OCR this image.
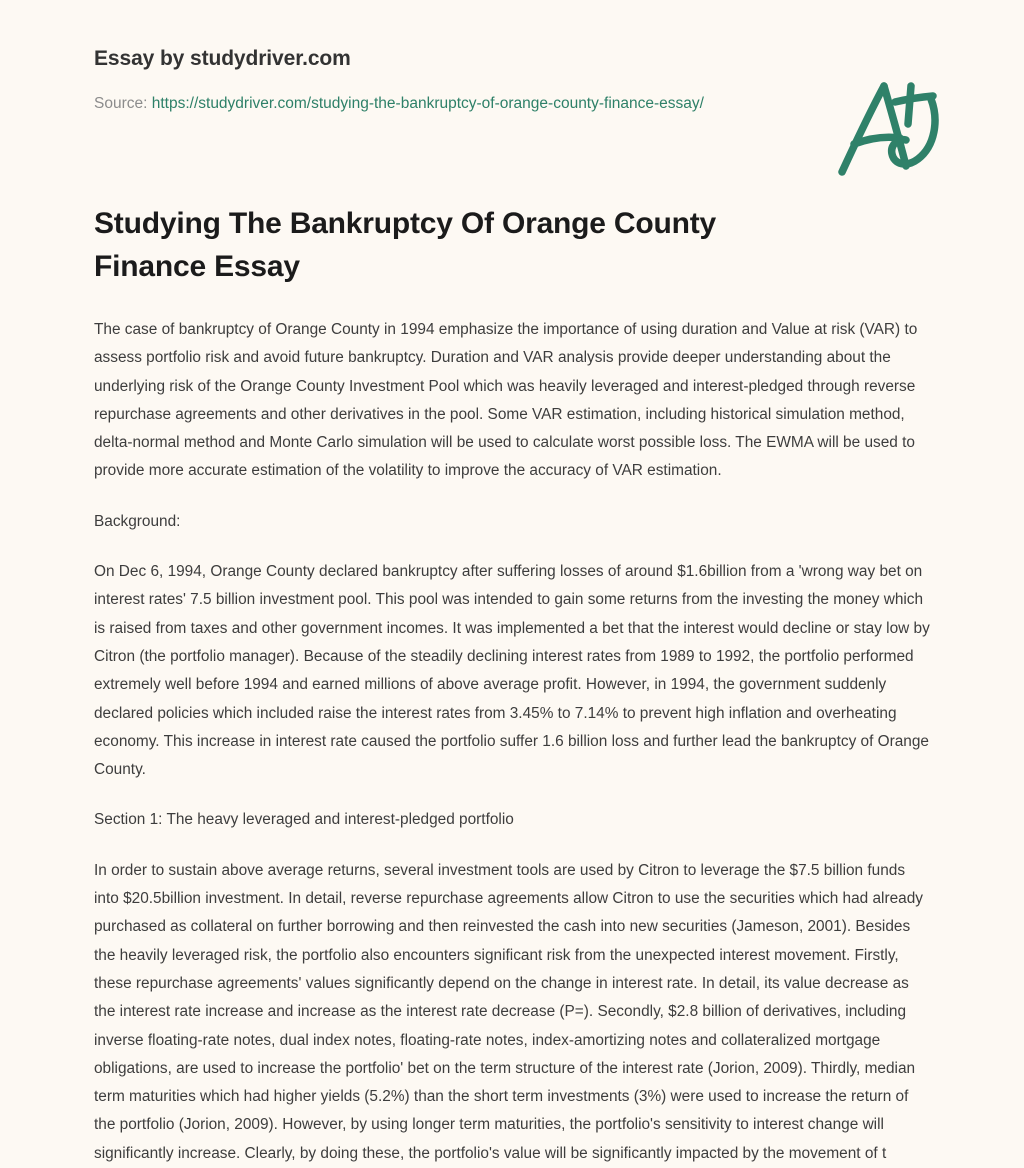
Essay by studydriver.com
Source: https://studydriver.com/studying-the-bankruptcy-of-orange-county-finance-essay/
Studying The Bankruptcy Of Orange County Finance Essay

The case of bankruptcy of Orange County in 1994 emphasize the importance of using duration and Value at risk (VAR) to assess portfolio risk and avoid future bankruptcy. Duration and VAR analysis provide deeper understanding about the underlying risk of the Orange County Investment Pool which was heavily leveraged and interest-pledged through reverse repurchase agreements and other derivatives in the pool. Some VAR estimation, including historical simulation method, delta-normal method and Monte Carlo simulation will be used to calculate worst possible loss. The EWMA will be used to provide more accurate estimation of the volatility to improve the accuracy of VAR estimation.

Background:

On Dec 6, 1994, Orange County declared bankruptcy after suffering losses of around $1.6billion from a 'wrong way bet on interest rates' 7.5 billion investment pool. This pool was intended to gain some returns from the investing the money which is raised from taxes and other government incomes. It was implemented a bet that the interest would decline or stay low by Citron (the portfolio manager). Because of the steadily declining interest rates from 1989 to 1992, the portfolio performed extremely well before 1994 and earned millions of above average profit. However, in 1994, the government suddenly declared policies which included raise the interest rates from 3.45% to 7.14% to prevent high inflation and overheating economy. This increase in interest rate caused the portfolio suffer 1.6 billion loss and further lead the bankruptcy of Orange County.

Section 1: The heavy leveraged and interest-pledged portfolio

In order to sustain above average returns, several investment tools are used by Citron to leverage the $7.5 billion funds into $20.5billion investment. In detail, reverse repurchase agreements allow Citron to use the securities which had already purchased as collateral on further borrowing and then reinvested the cash into new securities (Jameson, 2001). Besides the heavily leveraged risk, the portfolio also encounters significant risk from the unexpected interest movement. Firstly, these repurchase agreements' values significantly depend on the change in interest rate. In detail, its value decrease as the interest rate increase and increase as the interest rate decrease (P=). Secondly, $2.8 billion of derivatives, including inverse floating-rate notes, dual index notes, floating-rate notes, index-amortizing notes and collateralized mortgage obligations, are used to increase the portfolio' bet on the term structure of the interest rate (Jorion, 2009). Thirdly, median term maturities which had higher yields (5.2%) than the short term investments (3%) were used to increase the return of the portfolio (Jorion, 2009). However, by using longer term maturities, the portfolio's sensitivity to interest change will significantly increase. Clearly, by doing these, the portfolio's value will be significantly impacted by the movement of t
